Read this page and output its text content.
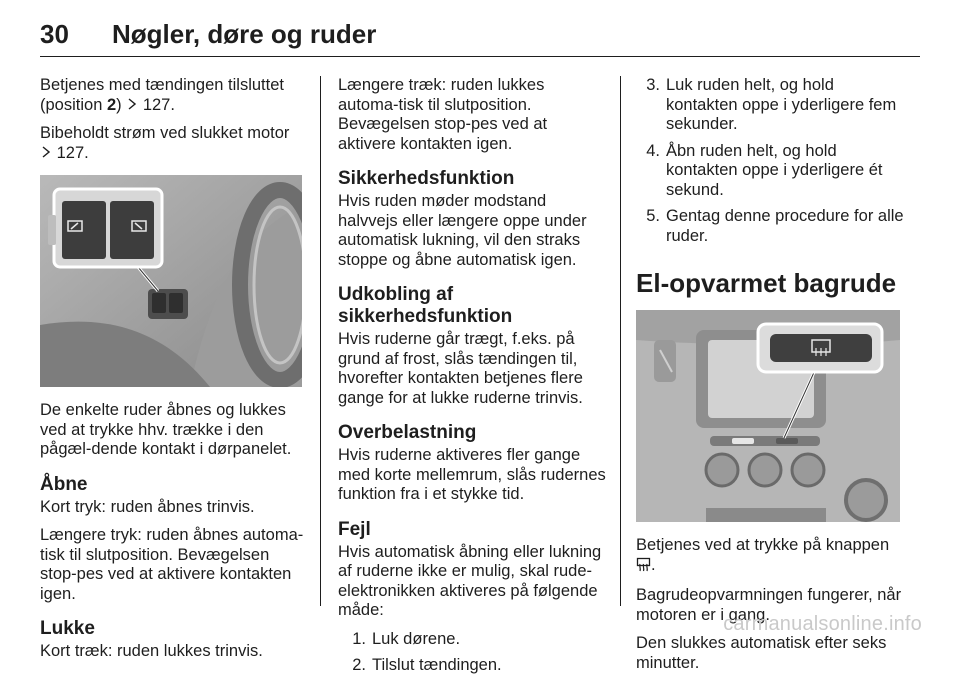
30	Nøgler, døre og ruder

Betjenes med tændingen tilsluttet (position 2) 127.

Bibeholdt strøm ved slukket motor
127.

De enkelte ruder åbnes og lukkes ved at trykke hhv. trække i den pågæl-dende kontakt i dørpanelet.

Åbne

Kort tryk: ruden åbnes trinvis.

Længere tryk: ruden åbnes automa-tisk til slutposition. Bevægelsen stop-pes ved at aktivere kontakten igen.

Lukke

Kort træk: ruden lukkes trinvis.

Længere træk: ruden lukkes automa-tisk til slutposition. Bevægelsen stop-pes ved at aktivere kontakten igen.

Sikkerhedsfunktion

Hvis ruden møder modstand halvvejs eller længere oppe under automatisk lukning, vil den straks stoppe og åbne automatisk igen.

Udkobling af sikkerhedsfunktion

Hvis ruderne går trægt, f.eks. på grund af frost, slås tændingen til, hvorefter kontakten betjenes flere gange for at lukke ruderne trinvis.

Overbelastning

Hvis ruderne aktiveres fler gange med korte mellemrum, slås rudernes funktion fra i et stykke tid.

Fejl

Hvis automatisk åbning eller lukning af ruderne ikke er mulig, skal rude-elektronikken aktiveres på følgende måde:

1. Luk dørene.
2. Tilslut tændingen.
3. Luk ruden helt, og hold kontakten oppe i yderligere fem sekunder.
4. Åbn ruden helt, og hold kontakten oppe i yderligere ét sekund.
5. Gentag denne procedure for alle ruder.
El-opvarmet bagrude

Betjenes ved at trykke på knappen
.

Bagrudeopvarmningen fungerer, når motoren er i gang.

Den slukkes automatisk efter seks minutter.

carmanualsonline.info
